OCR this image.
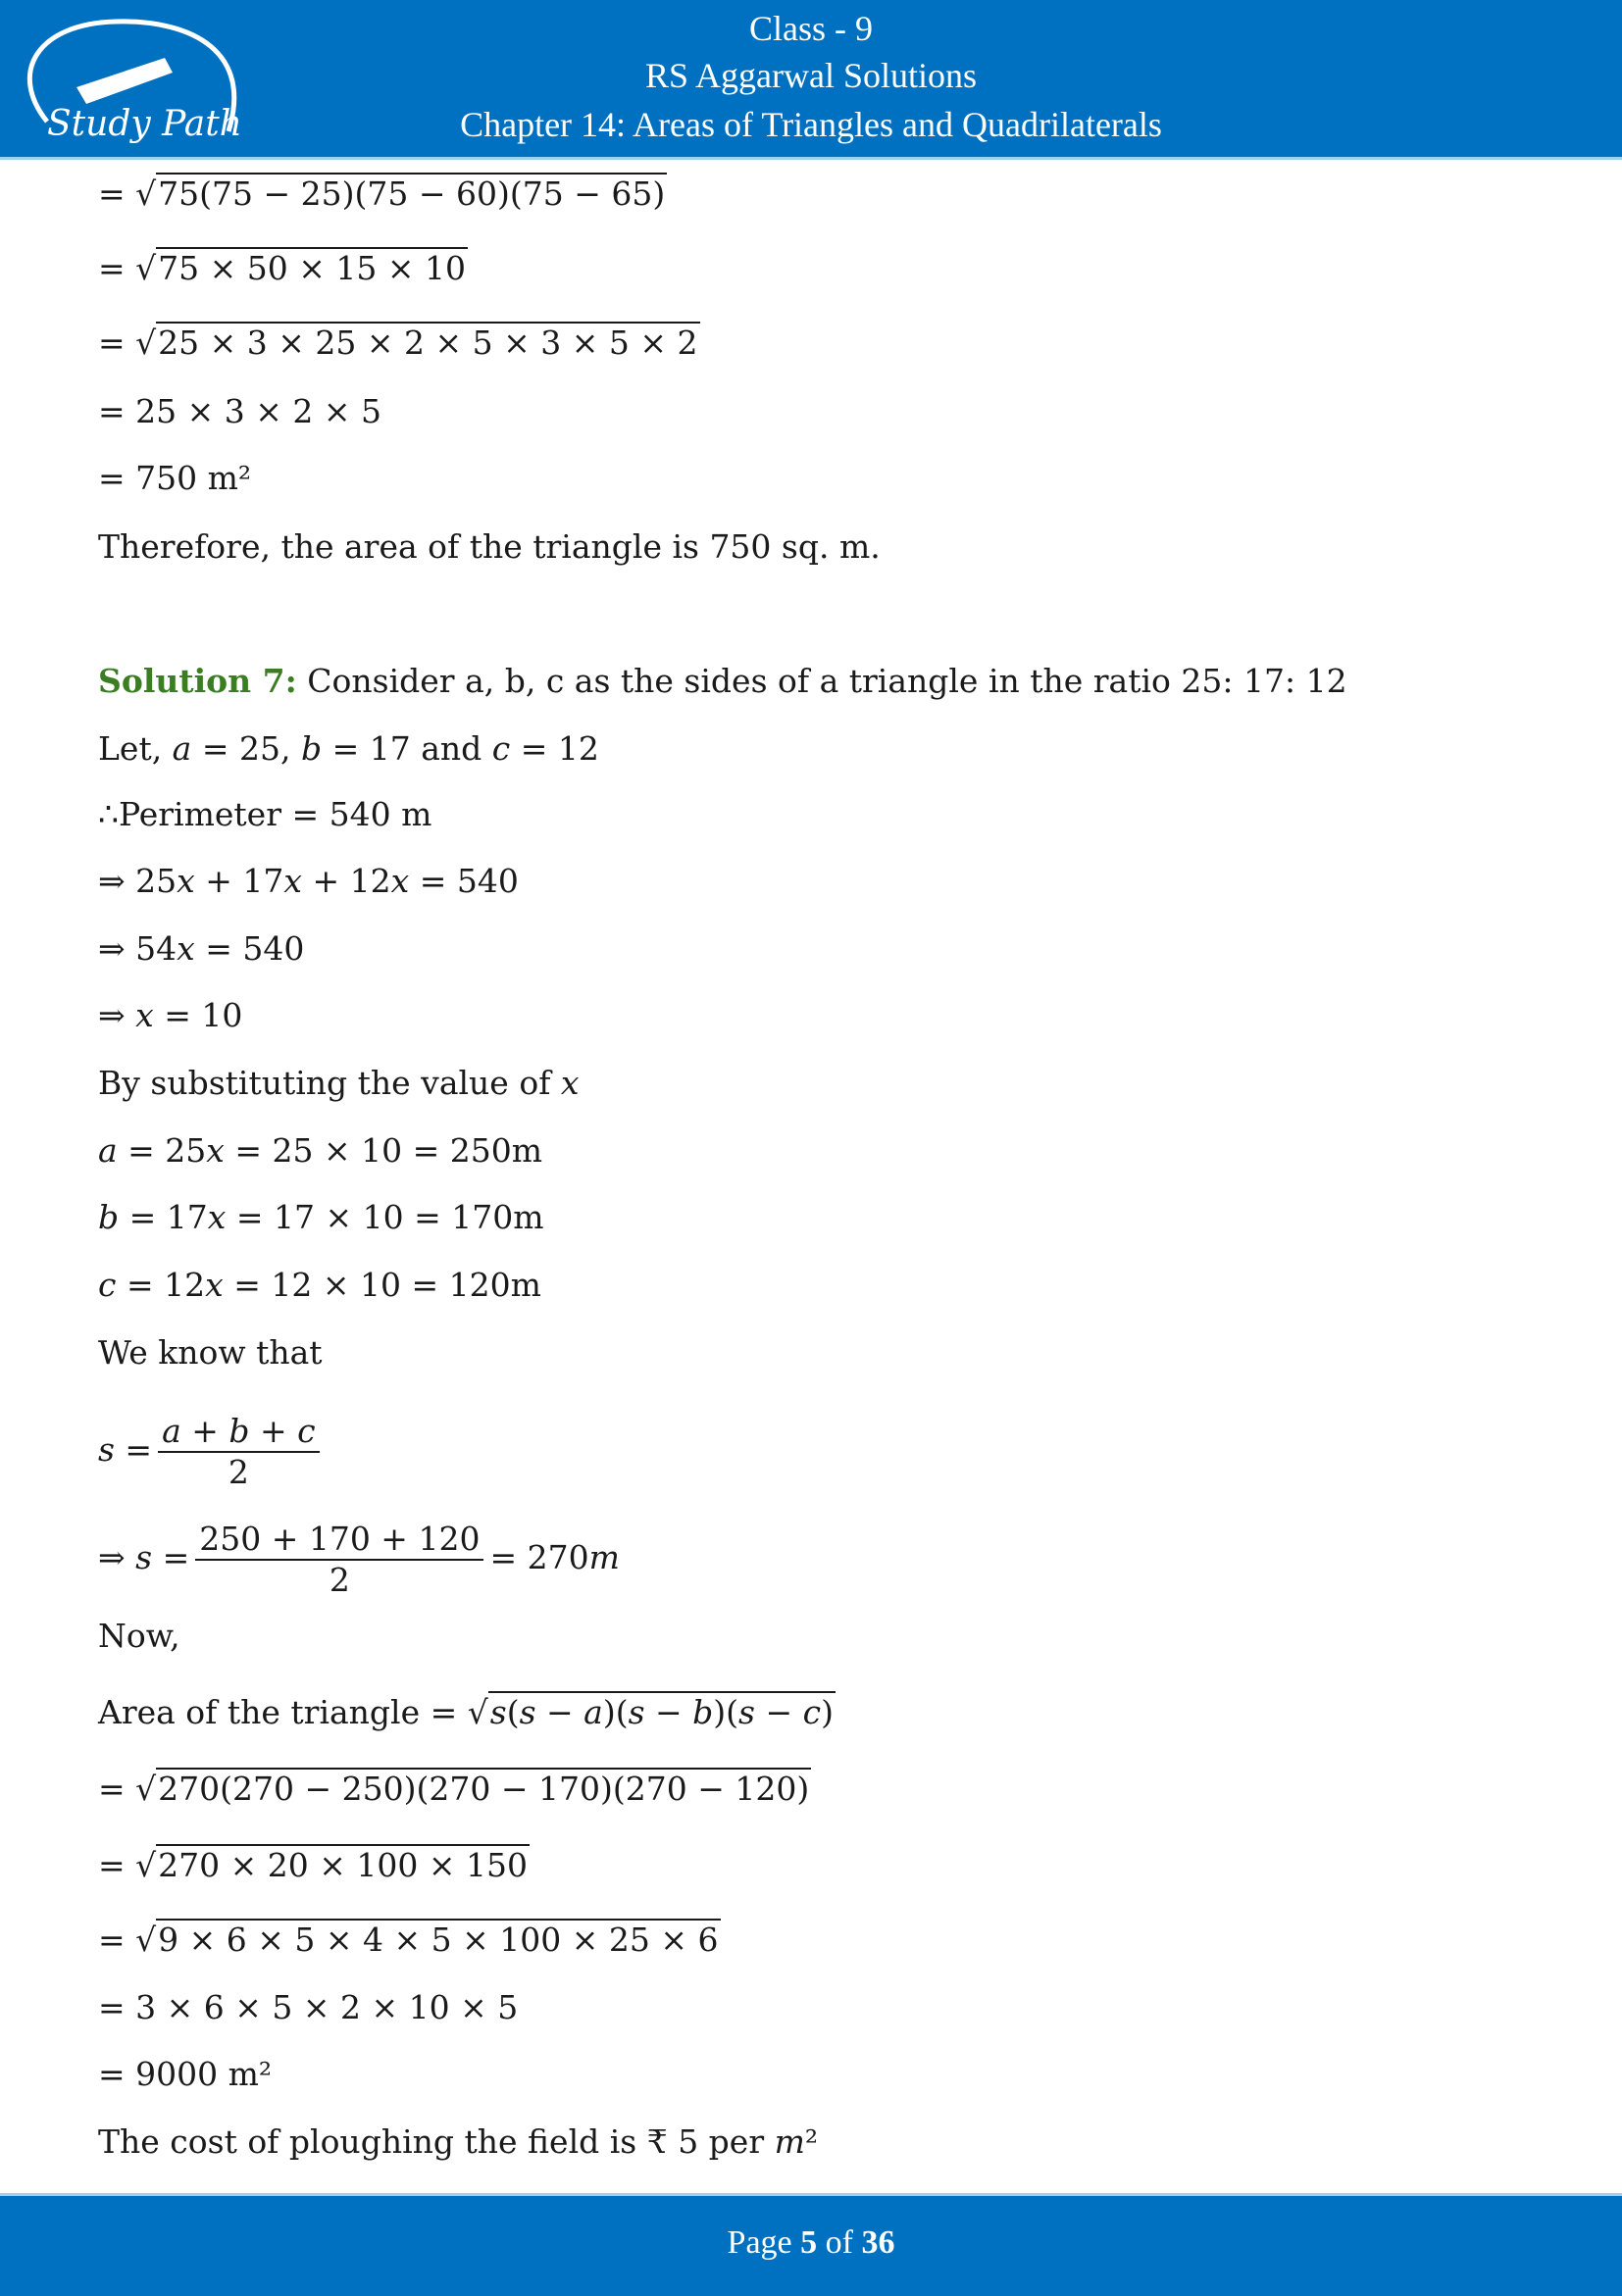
Study Path
Class - 9
RS Aggarwal Solutions
Chapter 14: Areas of Triangles and Quadrilaterals
= √75(75 − 25)(75 − 60)(75 − 65)
= √75 × 50 × 15 × 10
= √25 × 3 × 25 × 2 × 5 × 3 × 5 × 2
= 25 × 3 × 2 × 5
= 750 m²
Therefore, the area of the triangle is 750 sq. m.
Solution 7: Consider a, b, c as the sides of a triangle in the ratio 25: 17: 12
Let, 𝑎 = 25, 𝑏 = 17 and 𝑐 = 12
∴Perimeter = 540 m
⇒ 25𝑥 + 17𝑥 + 12𝑥 = 540
⇒ 54𝑥 = 540
⇒ 𝑥 = 10
By substituting the value of 𝑥
𝑎 = 25𝑥 = 25 × 10 = 250m
𝑏 = 17𝑥 = 17 × 10 = 170m
𝑐 = 12𝑥 = 12 × 10 = 120m
We know that
𝑠 = $\frac{\text{𝑎 + 𝑏 + 𝑐}}{2}$
⇒ 𝑠 = $\frac{250 + 170 + 120}{2}$ = 270𝑚
Now,
Area of the triangle = √𝑠(𝑠 − 𝑎)(𝑠 − 𝑏)(𝑠 − 𝑐)
= √270(270 − 250)(270 − 170)(270 − 120)
= √270 × 20 × 100 × 150
= √9 × 6 × 5 × 4 × 5 × 100 × 25 × 6
= 3 × 6 × 5 × 2 × 10 × 5
= 9000 m²
The cost of ploughing the field is ₹ 5 per 𝑚²
Page 5 of 36
